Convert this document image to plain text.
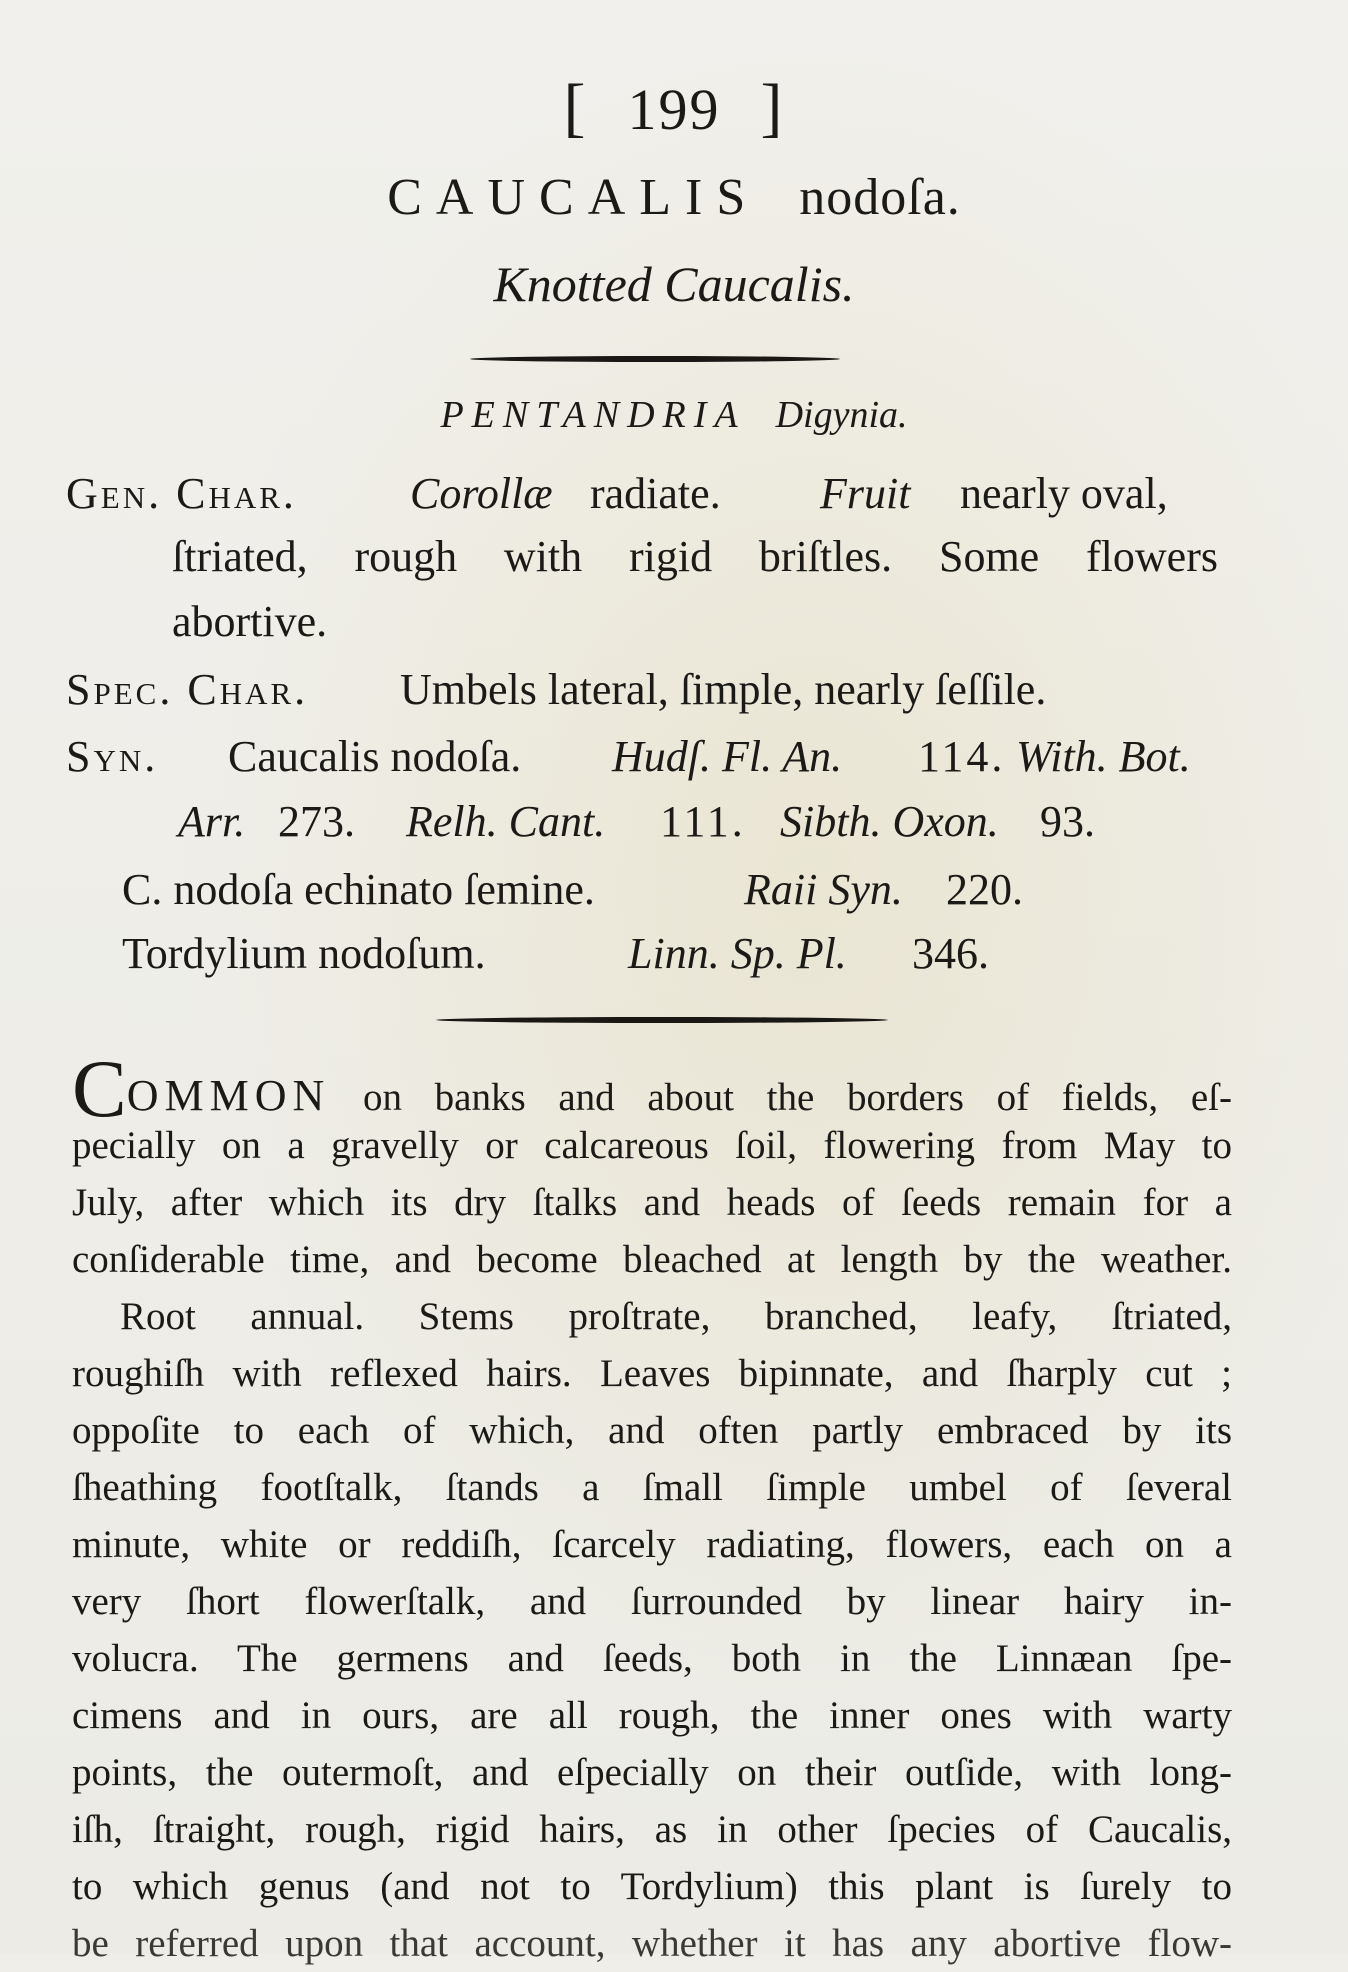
[ 199 ]
CAUCALIS nodoſa.
Knotted Caucalis.
PENTANDRIA Digynia.
Gen. Char.	Corollæ radiate. Fruit nearly oval,
ſtriated, rough with rigid briſtles. Some flowers
abortive.
Spec. Char. Umbels lateral, ſimple, nearly ſeſſile.
Syn. Caucalis nodoſa. Hudſ. Fl. An. 114. With. Bot.
Arr. 273. Relh. Cant. 111. Sibth. Oxon. 93.
C. nodoſa echinato ſemine.	Raii Syn. 220.
Tordylium nodoſum.	Linn. Sp. Pl. 346.
COMMON on banks and about the borders of fields, eſ-
pecially on a gravelly or calcareous ſoil, flowering from May to
July, after which its dry ſtalks and heads of ſeeds remain for a
conſiderable time, and become bleached at length by the weather.
Root annual. Stems proſtrate, branched, leafy, ſtriated,
roughiſh with reflexed hairs. Leaves bipinnate, and ſharply cut ;
oppoſite to each of which, and often partly embraced by its
ſheathing footſtalk, ſtands a ſmall ſimple umbel of ſeveral
minute, white or reddiſh, ſcarcely radiating, flowers, each on a
very ſhort flowerſtalk, and ſurrounded by linear hairy in-
volucra. The germens and ſeeds, both in the Linnæan ſpe-
cimens and in ours, are all rough, the inner ones with warty
points, the outermoſt, and eſpecially on their outſide, with long-
iſh, ſtraight, rough, rigid hairs, as in other ſpecies of Caucalis,
to which genus (and not to Tordylium) this plant is ſurely to
be referred upon that account, whether it has any abortive flow-
